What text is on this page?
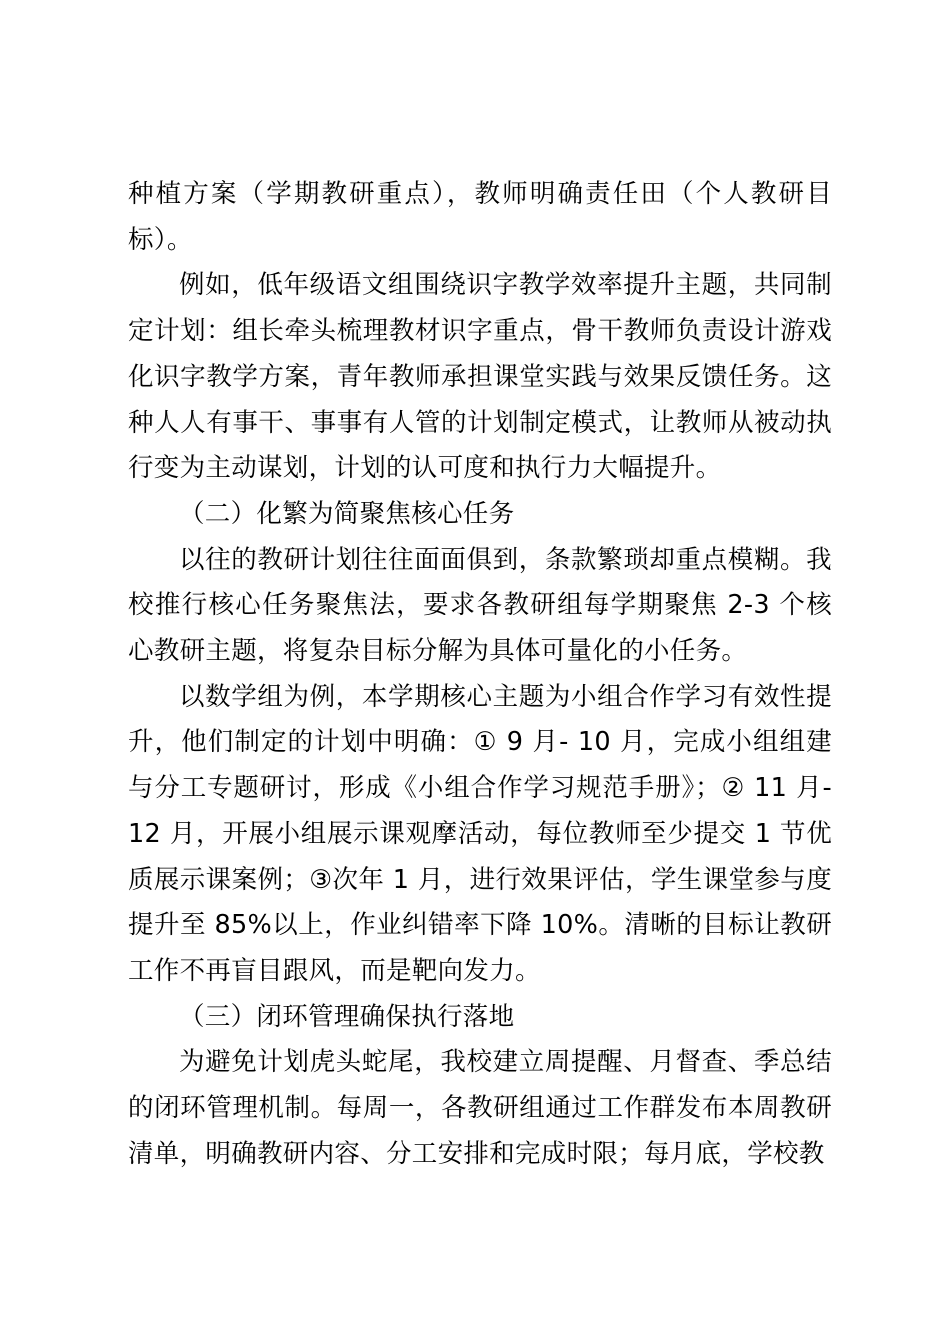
种植方案（学期教研重点），教师明确责任田（个人教研目标）。

例如，低年级语文组围绕识字教学效率提升主题，共同制定计划：组长牵头梳理教材识字重点，骨干教师负责设计游戏化识字教学方案，青年教师承担课堂实践与效果反馈任务。这种人人有事干、事事有人管的计划制定模式，让教师从被动执行变为主动谋划，计划的认可度和执行力大幅提升。

（二）化繁为简聚焦核心任务

以往的教研计划往往面面俱到，条款繁琐却重点模糊。我校推行核心任务聚焦法，要求各教研组每学期聚焦 2-3 个核心教研主题，将复杂目标分解为具体可量化的小任务。

以数学组为例，本学期核心主题为小组合作学习有效性提升，他们制定的计划中明确：① 9 月- 10 月，完成小组组建与分工专题研讨，形成《小组合作学习规范手册》；② 11 月- 12 月，开展小组展示课观摩活动，每位教师至少提交 1 节优质展示课案例；③次年 1 月，进行效果评估，学生课堂参与度提升至 85%以上，作业纠错率下降 10%。清晰的目标让教研工作不再盲目跟风，而是靶向发力。

（三）闭环管理确保执行落地

为避免计划虎头蛇尾，我校建立周提醒、月督查、季总结的闭环管理机制。每周一，各教研组通过工作群发布本周教研清单，明确教研内容、分工安排和完成时限；每月底，学校教
